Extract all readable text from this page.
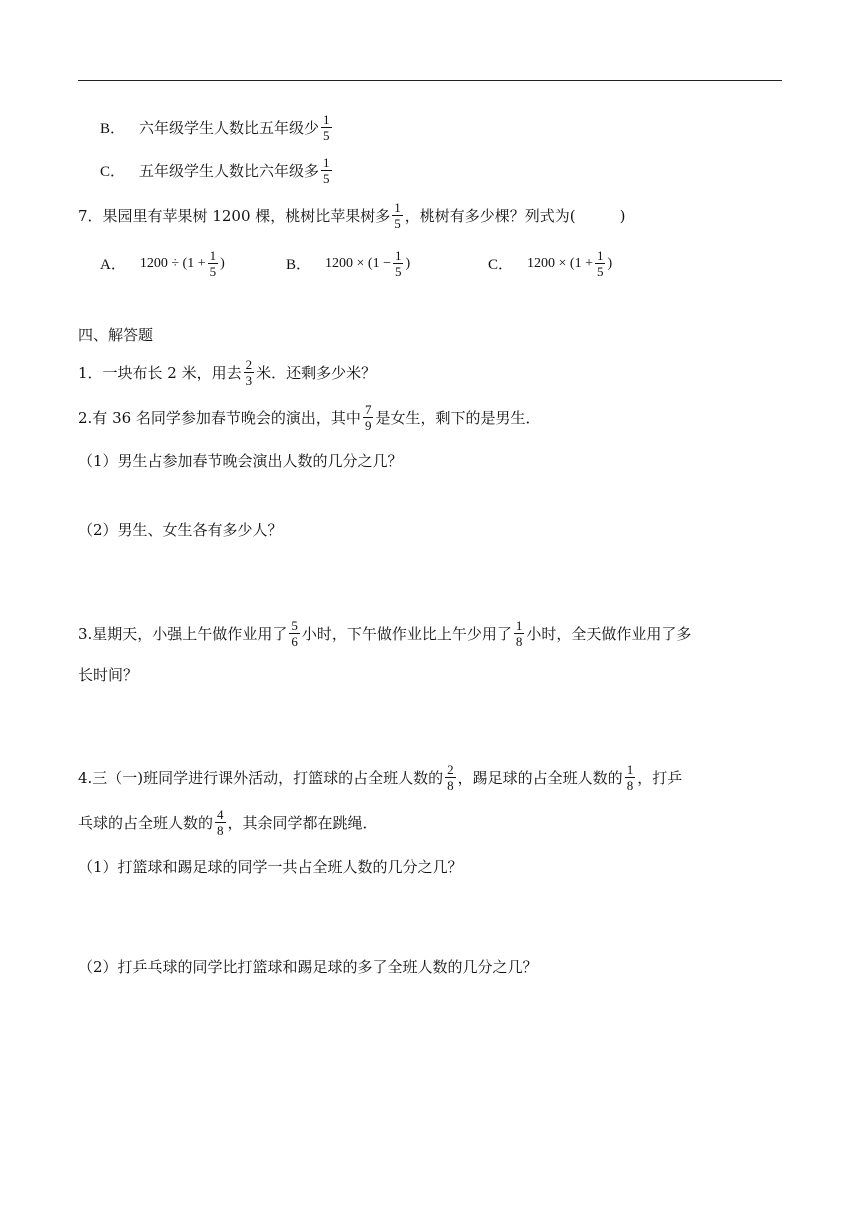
B． 六年级学生人数比五年级少 $\frac{1}{5}$
C． 五年级学生人数比六年级多 $\frac{1}{5}$
7． 果园里有苹果树 1200 棵，桃树比苹果树多 $\frac{1}{5}$ ，桃树有多少棵？列式为 (	)
A． $1200 \div (1 + \frac{1}{5}$ )	B． $1200 \times (1 - \frac{1}{5}$ )	C． $1200 \times (1 + \frac{1}{5}$ )
四、解答题
1．一块布长 2 米，用去 $\frac{2}{3}$ 米．还剩多少米？
2.有 36 名同学参加春节晚会的演出，其中 $\frac{7}{9}$ 是女生，剩下的是男生．
（1）男生占参加春节晚会演出人数的几分之几？
（2）男生、女生各有多少人？
3.星期天，小强上午做作业用了 $\frac{5}{6}$ 小时，下午做作业比上午少用了 $\frac{1}{8}$ 小时，全天做作业用了多
长时间？
4.三（一)班同学进行课外活动，打篮球的占全班人数的 $\frac{2}{8}$ ，踢足球的占全班人数的 $\frac{1}{8}$ ，打乒
乓球的占全班人数的 $\frac{4}{8}$ ，其余同学都在跳绳．
（1）打篮球和踢足球的同学一共占全班人数的几分之几？
（2）打乒乓球的同学比打篮球和踢足球的多了全班人数的几分之几？
